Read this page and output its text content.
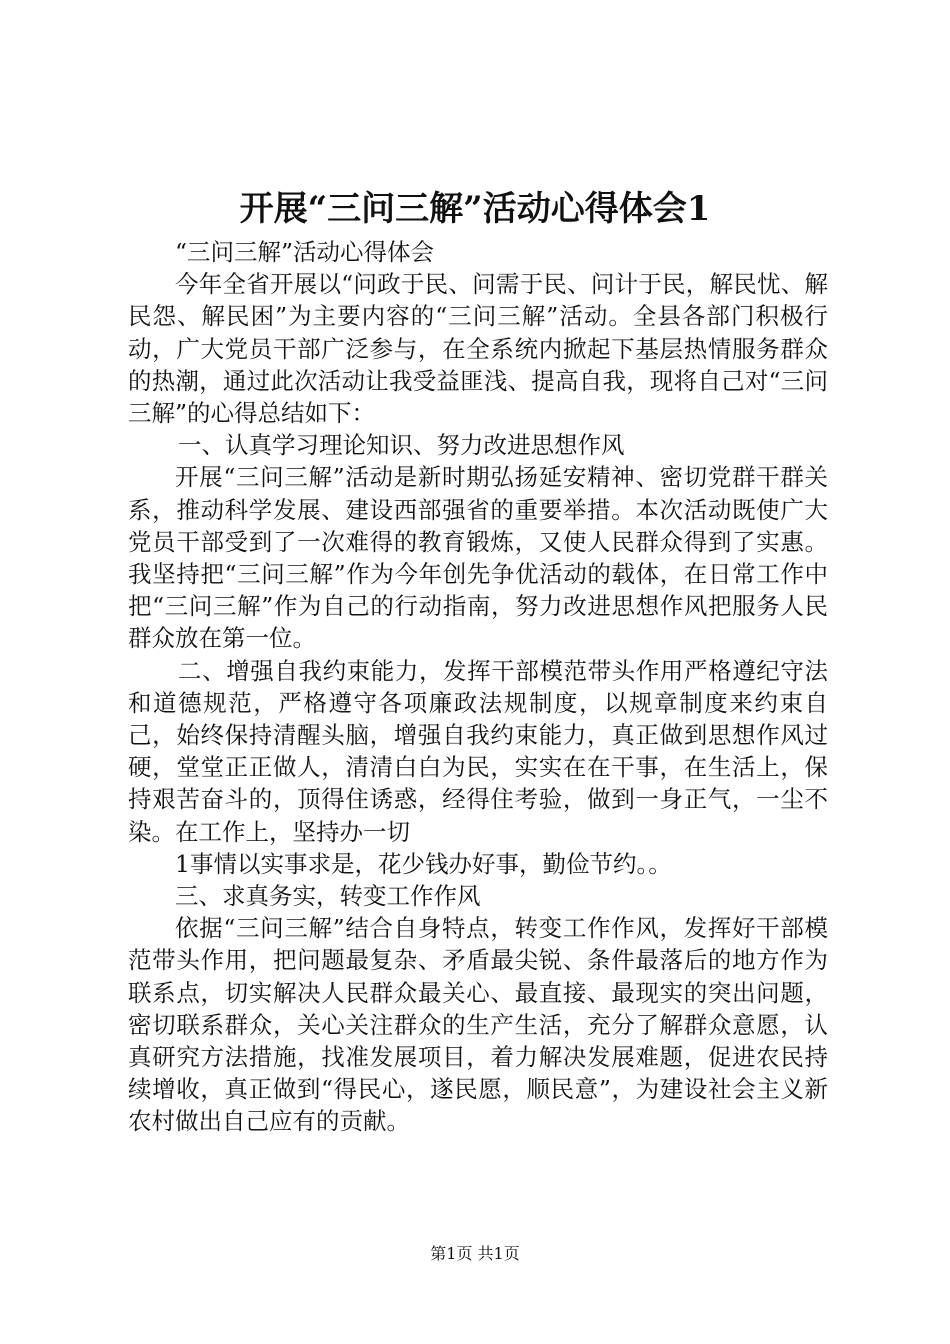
开展“三问三解”活动心得体会1

“三问三解”活动心得体会

今年全省开展以“问政于民、问需于民、问计于民，解民忧、解民怨、解民困”为主要内容的“三问三解”活动。全县各部门积极行动，广大党员干部广泛参与，在全系统内掀起下基层热情服务群众的热潮，通过此次活动让我受益匪浅、提高自我，现将自己对“三问三解”的心得总结如下：

一、认真学习理论知识、努力改进思想作风

开展“三问三解”活动是新时期弘扬延安精神、密切党群干群关系，推动科学发展、建设西部强省的重要举措。本次活动既使广大党员干部受到了一次难得的教育锻炼，又使人民群众得到了实惠。我坚持把“三问三解”作为今年创先争优活动的载体，在日常工作中把“三问三解”作为自己的行动指南，努力改进思想作风把服务人民群众放在第一位。

二、增强自我约束能力，发挥干部模范带头作用严格遵纪守法和道德规范，严格遵守各项廉政法规制度，以规章制度来约束自己，始终保持清醒头脑，增强自我约束能力，真正做到思想作风过硬，堂堂正正做人，清清白白为民，实实在在干事，在生活上，保持艰苦奋斗的，顶得住诱惑，经得住考验，做到一身正气，一尘不染。在工作上，坚持办一切

1事情以实事求是，花少钱办好事，勤俭节约。。

三、求真务实，转变工作作风

依据“三问三解”结合自身特点，转变工作作风，发挥好干部模范带头作用，把问题最复杂、矛盾最尖锐、条件最落后的地方作为联系点，切实解决人民群众最关心、最直接、最现实的突出问题，密切联系群众，关心关注群众的生产生活，充分了解群众意愿，认真研究方法措施，找准发展项目，着力解决发展难题，促进农民持续增收，真正做到“得民心，遂民愿，顺民意”，为建设社会主义新农村做出自己应有的贡献。

第1页 共1页
